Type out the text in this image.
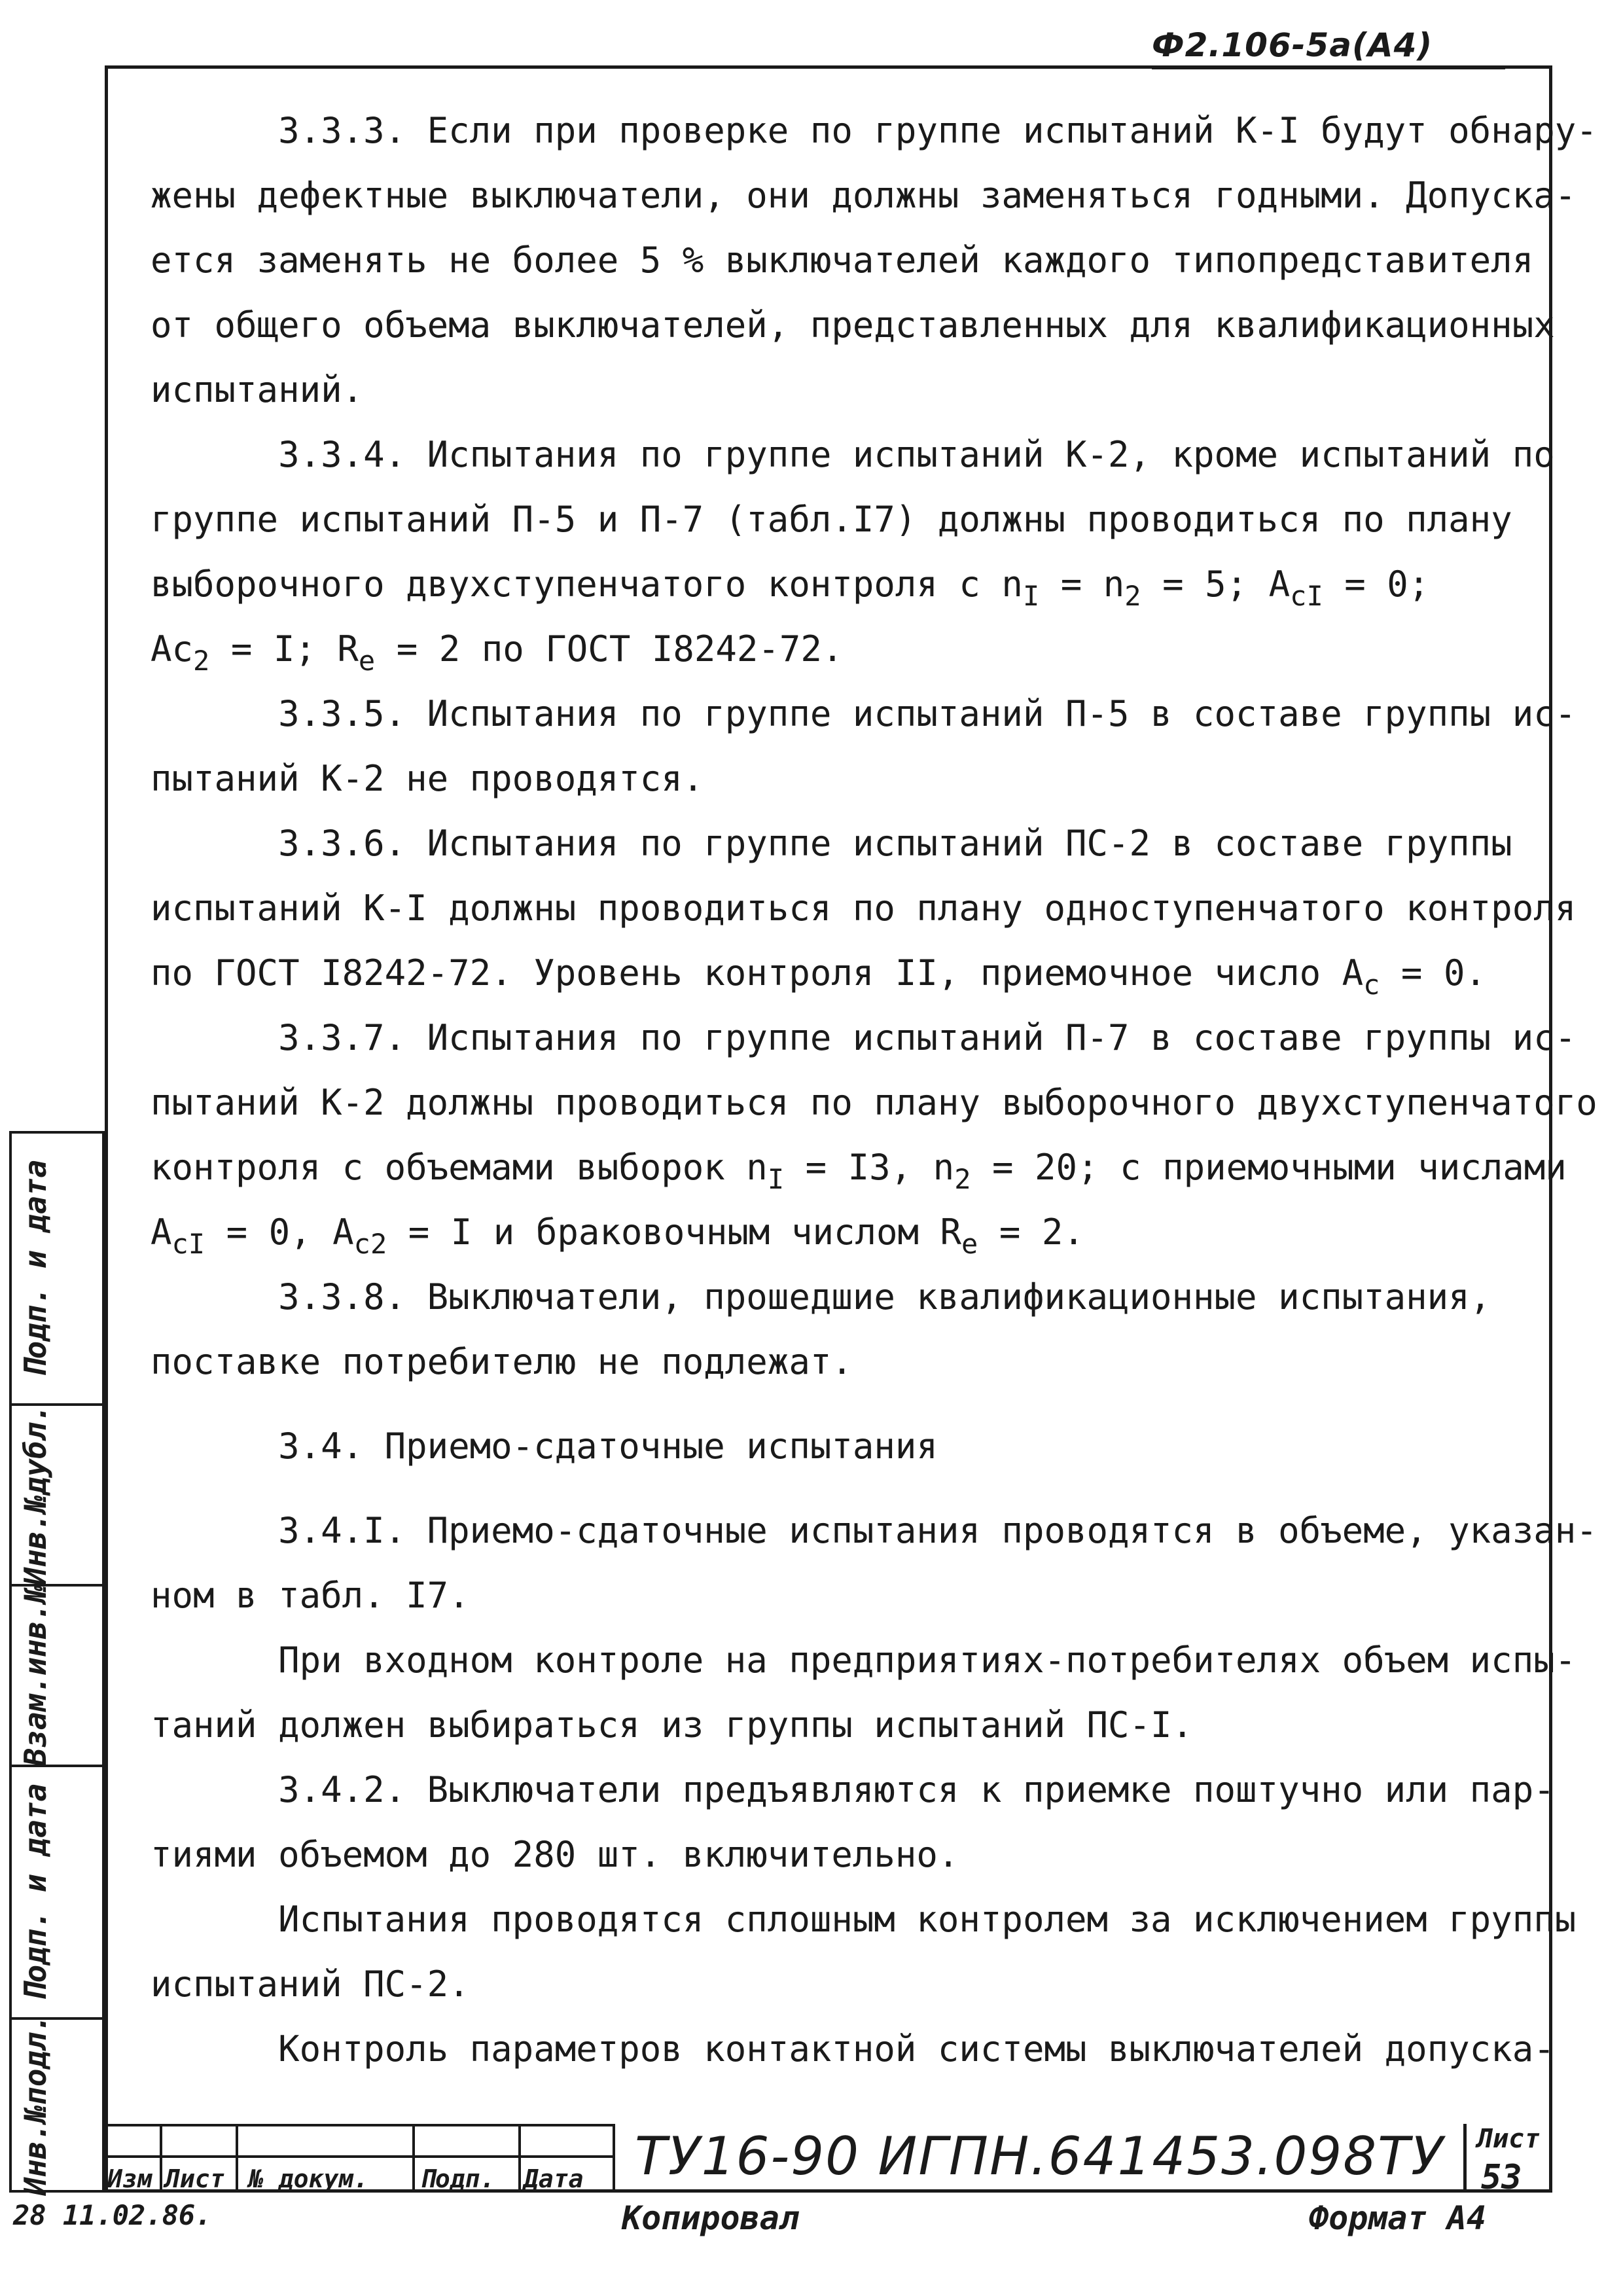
Ф2.106-5а(А4)
Подп. и дата
Инв.№дубл.
Взам.инв.№
Подп. и дата
Инв.№подл.

3.3.3. Если при проверке по группе испытаний К-I будут обнару-

жены дефектные выключатели, они должны заменяться годными. Допуска-

ется заменять не более 5 % выключателей каждого типопредставителя

от общего объема выключателей, представленных для квалификационных

испытаний.

3.3.4. Испытания по группе испытаний К-2, кроме испытаний по

группе испытаний П-5 и П-7 (табл.I7) должны проводиться по плану

выборочного двухступенчатого контроля с $n_I = n_2 = 5$; $А_{cI} = 0$;

$Аc_2 = I$; $R_e = 2$ по ГОСТ I8242-72.

3.3.5. Испытания по группе испытаний П-5 в составе группы ис-

пытаний К-2 не проводятся.

3.3.6. Испытания по группе испытаний ПС-2 в составе группы

испытаний К-I должны проводиться по плану одноступенчатого контроля

по ГОСТ I8242-72. Уровень контроля II, приемочное число $А_c = 0$.

3.3.7. Испытания по группе испытаний П-7 в составе группы ис-

пытаний К-2 должны проводиться по плану выборочного двухступенчатого

контроля с объемами выборок $n_I = I3$, $n_2 = 20$; с приемочными числами

$А_{cI} = 0$, $А_{c2} = I$ и браковочным числом $R_e = 2$.

3.3.8. Выключатели, прошедшие квалификационные испытания,

поставке потребителю не подлежат.

3.4. Приемо-сдаточные испытания

3.4.I. Приемо-сдаточные испытания проводятся в объеме, указан-

ном в табл. I7.

При входном контроле на предприятиях-потребителях объем испы-

таний должен выбираться из группы испытаний ПС-I.

3.4.2. Выключатели предъявляются к приемке поштучно или пар-

тиями объемом до 280 шт. включительно.

Испытания проводятся сплошным контролем за исключением группы

испытаний ПС-2.

Контроль параметров контактной системы выключателей допуска-

Изм Лист № докум. Подп. Дата ТУ16-90 ИГПН.641453.098ТУ Лист
53
28 11.02.86.	Копировал	Формат А4
